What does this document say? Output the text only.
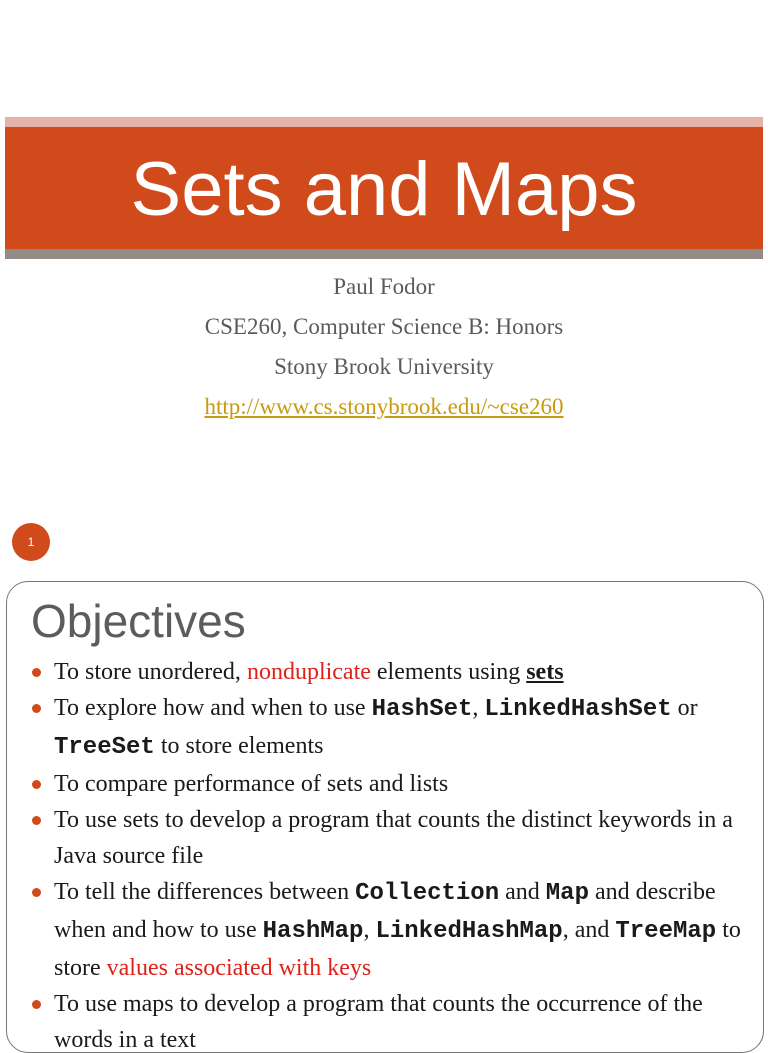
Sets and Maps

Paul Fodor

CSE260, Computer Science B: Honors

Stony Brook University

http://www.cs.stonybrook.edu/~cse260

1
Objectives
To store unordered, nonduplicate elements using sets
To explore how and when to use HashSet, LinkedHashSet or TreeSet to store elements
To compare performance of sets and lists
To use sets to develop a program that counts the distinct keywords in a Java source file
To tell the differences between Collection and Map and describe when and how to use HashMap, LinkedHashMap, and TreeMap to store values associated with keys
To use maps to develop a program that counts the occurrence of the words in a text
